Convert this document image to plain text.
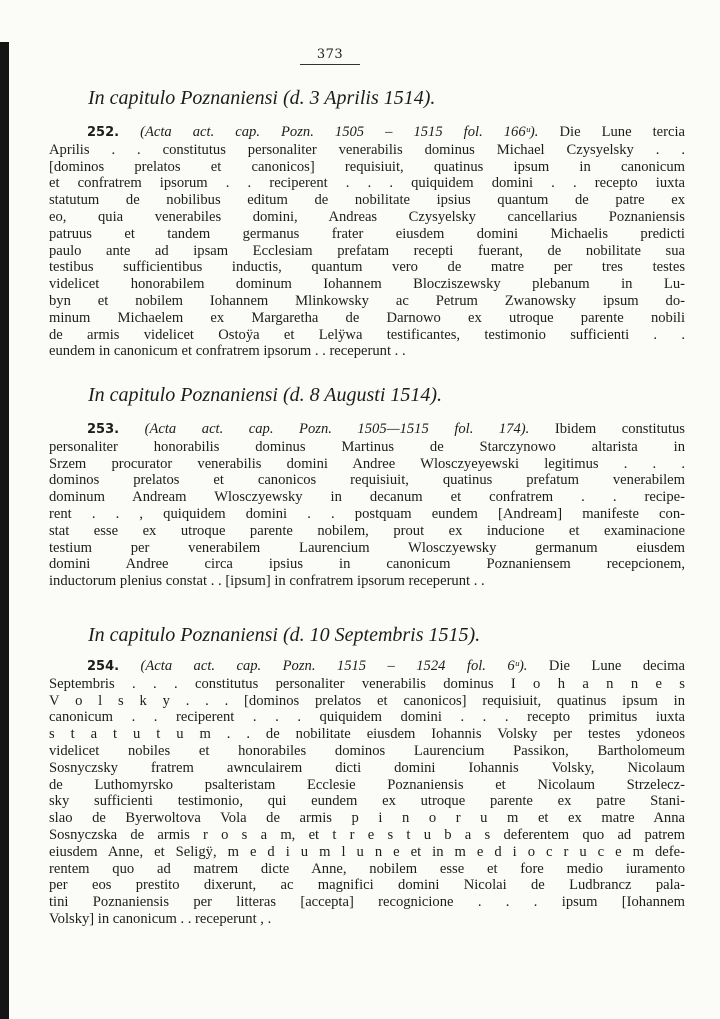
373
In capitulo Poznaniensi (d. 3 Aprilis 1514).
252. (Acta act. cap. Pozn. 1505 – 1515 fol. 166ᵘ). Die Lune tercia
Aprilis . . constitutus personaliter venerabilis dominus Michael Czysyelsky . .
[dominos prelatos et canonicos] requisiuit, quatinus ipsum in canonicum
et confratrem ipsorum . . reciperent . . . quiquidem domini . . recepto iuxta
statutum de nobilibus editum de nobilitate ipsius quantum de patre ex
eo, quia venerabiles domini, Andreas Czysyelsky cancellarius Poznaniensis
patruus et tandem germanus frater eiusdem domini Michaelis predicti
paulo ante ad ipsam Ecclesiam prefatam recepti fuerant, de nobilitate sua
testibus sufficientibus inductis, quantum vero de matre per tres testes
videlicet honorabilem dominum Iohannem Blocziszewsky plebanum in Lu-
byn et nobilem Iohannem Mlinkowsky ac Petrum Zwanowsky ipsum do-
minum Michaelem ex Margaretha de Darnowo ex utroque parente nobili
de armis videlicet Ostoÿa et Lelÿwa testificantes, testimonio sufficienti . .
eundem in canonicum et confratrem ipsorum . . receperunt . .
In capitulo Poznaniensi (d. 8 Augusti 1514).
253. (Acta act. cap. Pozn. 1505—1515 fol. 174). Ibidem constitutus
personaliter honorabilis dominus Martinus de Starczynowo altarista in
Srzem procurator venerabilis domini Andree Wlosczyeyewski legitimus . . .
dominos prelatos et canonicos requisiuit, quatinus prefatum venerabilem
dominum Andream Wlosczyewsky in decanum et confratrem . . recipe-
rent . . , quiquidem domini . . postquam eundem [Andream] manifeste con-
stat esse ex utroque parente nobilem, prout ex inducione et examinacione
testium per venerabilem Laurencium Wlosczyewsky germanum eiusdem
domini Andree circa ipsius in canonicum Poznaniensem recepcionem,
inductorum plenius constat . . [ipsum] in confratrem ipsorum receperunt . .
In capitulo Poznaniensi (d. 10 Septembris 1515).
254. (Acta act. cap. Pozn. 1515 – 1524 fol. 6ᵘ). Die Lune decima
Septembris . . . constitutus personaliter venerabilis dominus I o h a n n e s
V o l s k y . . . [dominos prelatos et canonicos] requisiuit, quatinus ipsum in
canonicum . . reciperent . . . quiquidem domini . . . recepto primitus iuxta
s t a t u t u m . . de nobilitate eiusdem Iohannis Volsky per testes ydoneos
videlicet nobiles et honorabiles dominos Laurencium Passikon, Bartholomeum
Sosnyczsky fratrem awnculairem dicti domini Iohannis Volsky, Nicolaum
de Luthomyrsko psalteristam Ecclesie Poznaniensis et Nicolaum Strzelecz-
sky sufficienti testimonio, qui eundem ex utroque parente ex patre Stani-
slao de Byerwoltova Vola de armis p i n o r u m et ex matre Anna
Sosnyczska de armis r o s a m, et t r e s t u b a s deferentem quo ad patrem
eiusdem Anne, et Seligÿ, m e d i u m l u n e et in m e d i o c r u c e m defe-
rentem quo ad matrem dicte Anne, nobilem esse et fore medio iuramento
per eos prestito dixerunt, ac magnifici domini Nicolai de Ludbrancz pala-
tini Poznaniensis per litteras [accepta] recognicione . . . ipsum [Iohannem
Volsky] in canonicum . . receperunt , .
